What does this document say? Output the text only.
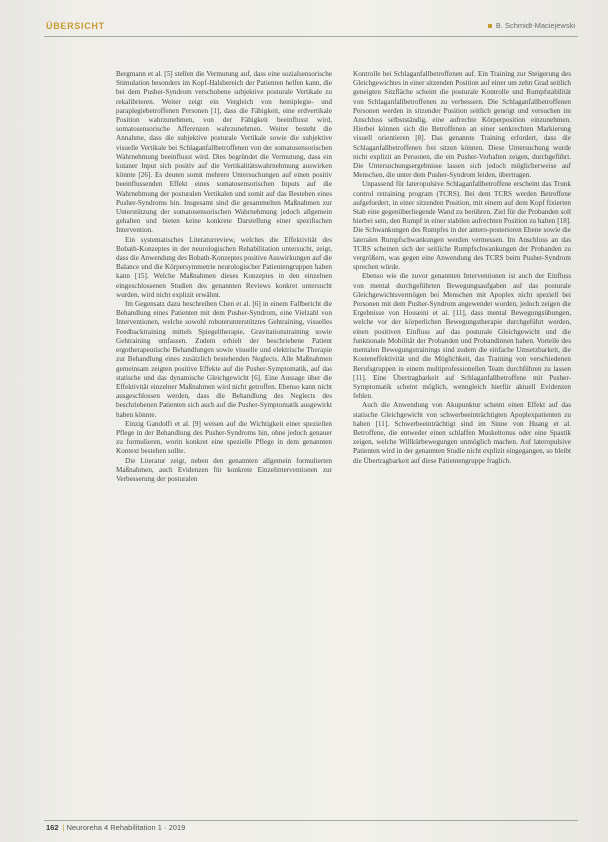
ÜBERSICHT	B. Schmidt-Maciejewski

Bergmann et al. [5] stellen die Vermutung auf, dass eine sozialsensorische Stimulation besonders im Kopf-Halsbereich der Patienten helfen kann, die bei dem Pusher-Syndrom verschobene subjektive posturale Vertikale zu rekalibrieren. Weiter zeigt ein Vergleich von hemiplegie- und paraplegiebetroffenen Personen [1], dass die Fähigkeit, eine erdvertikale Position wahrzunehmen, von der Fähigkeit beeinflusst wird, somatosensorische Afferenzen wahrzunehmen. Weiter besteht die Annahme, dass die subjektive posturale Vertikale sowie die subjektive visuelle Vertikale bei Schlaganfallbetroffenen von der somatosensorischen Wahrnehmung beeinflusst wird. Dies begründet die Vermutung, dass ein kutaner Input sich positiv auf die Vertikalitätswahrnehmung auswirken könnte [26]. Es deuten somit mehrere Untersuchungen auf einen positiv beeinflussenden Effekt eines somatosensorischen Inputs auf die Wahrnehmung der posturalen Vertikalen und somit auf das Bestehen eines Pusher-Syndroms hin. Insgesamt sind die gesammelten Maßnahmen zur Unterstützung der somatosensorischen Wahrnehmung jedoch allgemein gehalten und bieten keine konkrete Darstellung einer spezifischen Intervention.

Ein systematisches Literaturreview, welches die Effektivität des Bobath-Konzeptes in der neurologischen Rehabilitation untersucht, zeigt, dass die Anwendung des Bobath-Konzeptes positive Auswirkungen auf die Balance und die Körpersymmetrie neurologischer Patientengruppen haben kann [15]. Welche Maßnahmen dieses Konzeptes in den einzelnen eingeschlossenen Studien des genannten Reviews konkret untersucht wurden, wird nicht explizit erwähnt.

Im Gegensatz dazu beschreiben Chen et al. [6] in einem Fallbericht die Behandlung eines Patienten mit dem Pusher-Syndrom, eine Vielzahl von Interventionen, welche sowohl roboterunterstütztes Gehtraining, visuelles Feedbacktraining mittels Spiegeltherapie, Gravitationstraining sowie Gehtraining umfassen. Zudem erhielt der beschriebene Patient ergotherapeutische Behandlungen sowie visuelle und elektrische Therapie zur Behandlung eines zusätzlich bestehenden Neglects. Alle Maßnahmen gemeinsam zeigten positive Effekte auf die Pusher-Symptomatik, auf das statische und das dynamische Gleichgewicht [6]. Eine Aussage über die Effektivität einzelner Maßnahmen wird nicht getroffen. Ebenso kann nicht ausgeschlossen werden, dass die Behandlung des Neglects des beschriebenen Patienten sich auch auf die Pusher-Symptomatik ausgewirkt haben könnte.

Einzig Gandolfi et al. [9] weisen auf die Wichtigkeit einer speziellen Pflege in der Behandlung des Pusher-Syndroms hin, ohne jedoch genauer zu formulieren, worin konkret eine spezielle Pflege in dem genannten Kontext bestehen sollte.

Die Literatur zeigt, neben den genannten allgemein formulierten Maßnahmen, auch Evidenzen für konkrete Einzelinterventionen zur Verbesserung der posturalen

Kontrolle bei Schlaganfallbetroffenen auf. Ein Training zur Steigerung des Gleichgewichtes in einer sitzenden Position auf einer um zehn Grad seitlich geneigten Sitzfläche scheint die posturale Kontrolle und Rumpfstabilität von Schlaganfallbetroffenen zu verbessern. Die Schlaganfallbetroffenen Personen werden in sitzender Position seitlich geneigt und versuchen im Anschluss selbstständig, eine aufrechte Körperposition einzunehmen. Hierbei können sich die Betroffenen an einer senkrechten Markierung visuell orientieren [8]. Das genannte Training erfordert, dass die Schlaganfallbetroffenen frei sitzen können. Diese Untersuchung wurde nicht explizit an Personen, die ein Pusher-Verhalten zeigen, durchgeführt. Die Untersuchungsergebnisse lassen sich jedoch möglicherweise auf Menschen, die unter dem Pusher-Syndrom leiden, übertragen.

Unpassend für lateropulsive Schlaganfallbetroffene erscheint das Trunk control retraining program (TCRS). Bei dem TCRS werden Betroffene aufgefordert, in einer sitzenden Position, mit einem auf dem Kopf fixierten Stab eine gegenüberliegende Wand zu berühren. Ziel für die Probanden soll hierbei sein, den Rumpf in einer stabilen aufrechten Position zu halten [18]. Die Schwankungen des Rumpfes in der antero-posterioren Ebene sowie die lateralen Rumpfschwankungen werden vermessen. Im Anschluss an das TCRS scheinen sich der seitliche Rumpfschwankungen der Probanden zu vergrößern, was gegen eine Anwendung des TCRS beim Pusher-Syndrom sprechen würde.

Ebenso wie die zuvor genannten Interventionen ist auch der Einfluss von mental durchgeführten Bewegungsaufgaben auf das posturale Gleichgewichtsvermögen bei Menschen mit Apoplex nicht speziell bei Personen mit dem Pusher-Syndrom angewendet worden, jedoch zeigen die Ergebnisse von Hosseini et al. [11], dass mental Bewegungsübungen, welche vor der körperlichen Bewegungstherapie durchgeführt werden, einen positiven Einfluss auf das posturale Gleichgewicht und die funktionale Mobilität der Probanden und Probandinnen haben. Vorteile des mentalen Bewegungstrainings sind zudem die einfache Umsetzbarkeit, die Kosteneffektivität und die Möglichkeit, das Training von verschiedenen Berufsgruppen in einem multiprofessionellen Team durchführen zu lassen [11]. Eine Übertragbarkeit auf Schlaganfallbetroffene mit Pusher-Symptomatik scheint möglich, wenngleich hierfür aktuell Evidenzen fehlen.

Auch die Anwendung von Akupunktur scheint einen Effekt auf das statische Gleichgewicht von schwerbeeinträchtigten Apoplexpatienten zu haben [11]. Schwerbeeinträchtigt sind im Sinne von Huang et al. Betroffene, die entweder einen schlaffen Muskeltonus oder eine Spastik zeigen, welche Willkürbewegungen unmöglich machen. Auf lateropulsive Patienten wird in der genannten Studie nicht explizit eingegangen, so bleibt die Übertragbarkeit auf diese Patientengruppe fraglich.

162 | Neuroreha 4 Rehabilitation 1 · 2019
